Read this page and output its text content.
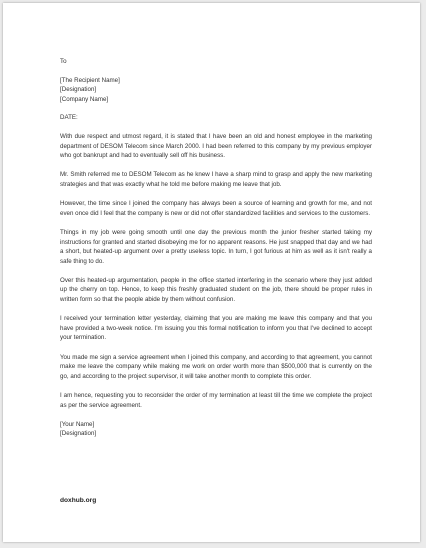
To

[The Recipient Name]

[Designation]

[Company Name]

DATE:

With due respect and utmost regard, it is stated that I have been an old and honest employee in the marketing department of DESOM Telecom since March 2000. I had been referred to this company by my previous employer who got bankrupt and had to eventually sell off his business.

Mr. Smith referred me to DESOM Telecom as he knew I have a sharp mind to grasp and apply the new marketing strategies and that was exactly what he told me before making me leave that job.

However, the time since I joined the company has always been a source of learning and growth for me, and not even once did I feel that the company is new or did not offer standardized facilities and services to the customers.

Things in my job were going smooth until one day the previous month the junior fresher started taking my instructions for granted and started disobeying me for no apparent reasons. He just snapped that day and we had a short, but heated-up argument over a pretty useless topic. In turn, I got furious at him as well as it isn't really a safe thing to do.

Over this heated-up argumentation, people in the office started interfering in the scenario where they just added up the cherry on top. Hence, to keep this freshly graduated student on the job, there should be proper rules in written form so that the people abide by them without confusion.

I received your termination letter yesterday, claiming that you are making me leave this company and that you have provided a two-week notice. I'm issuing you this formal notification to inform you that I've declined to accept your termination.

You made me sign a service agreement when I joined this company, and according to that agreement, you cannot make me leave the company while making me work on order worth more than $500,000 that is currently on the go, and according to the project supervisor, it will take another month to complete this order.

I am hence, requesting you to reconsider the order of my termination at least till the time we complete the project as per the service agreement.

[Your Name]

[Designation]

doxhub.org
